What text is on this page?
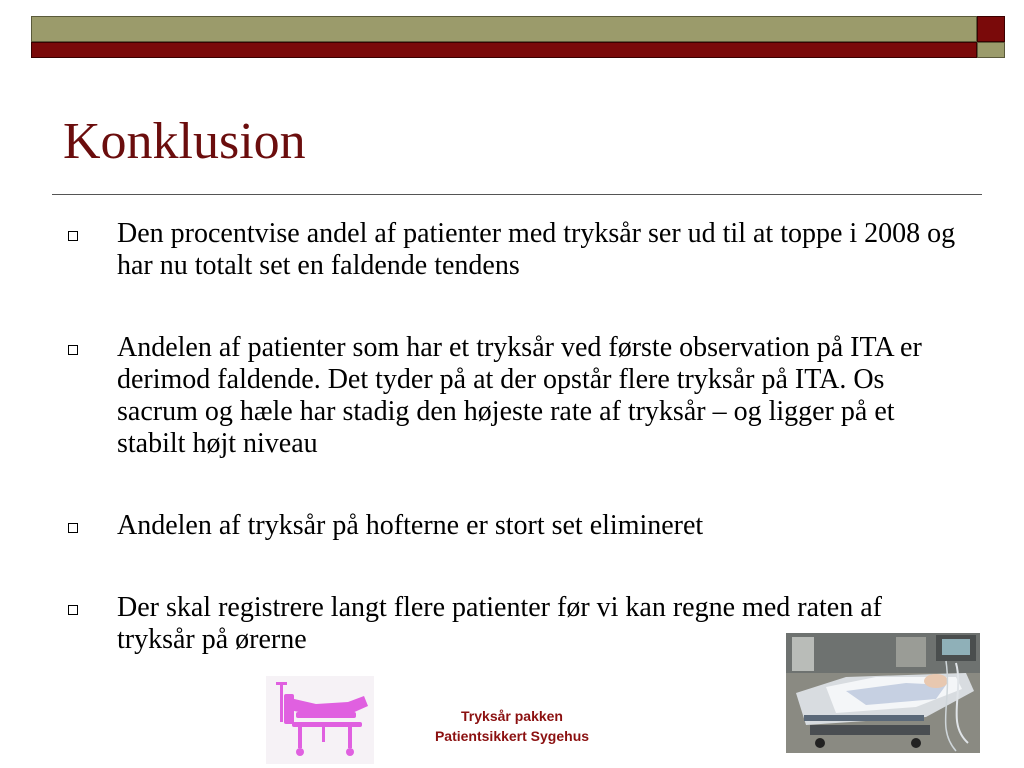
Konklusion
Den procentvise andel af patienter med tryksår ser ud til at toppe i 2008 og har nu totalt set en faldende tendens
Andelen af patienter som har et tryksår ved første observation på ITA er derimod faldende. Det tyder på at der opstår flere tryksår på ITA. Os sacrum og hæle har stadig den højeste rate af tryksår – og ligger på et stabilt højt niveau
Andelen af tryksår på hofterne er stort set elimineret
Der skal registrere langt flere patienter før vi kan regne med raten af tryksår på ørerne
Tryksår pakken
Patientsikkert Sygehus
